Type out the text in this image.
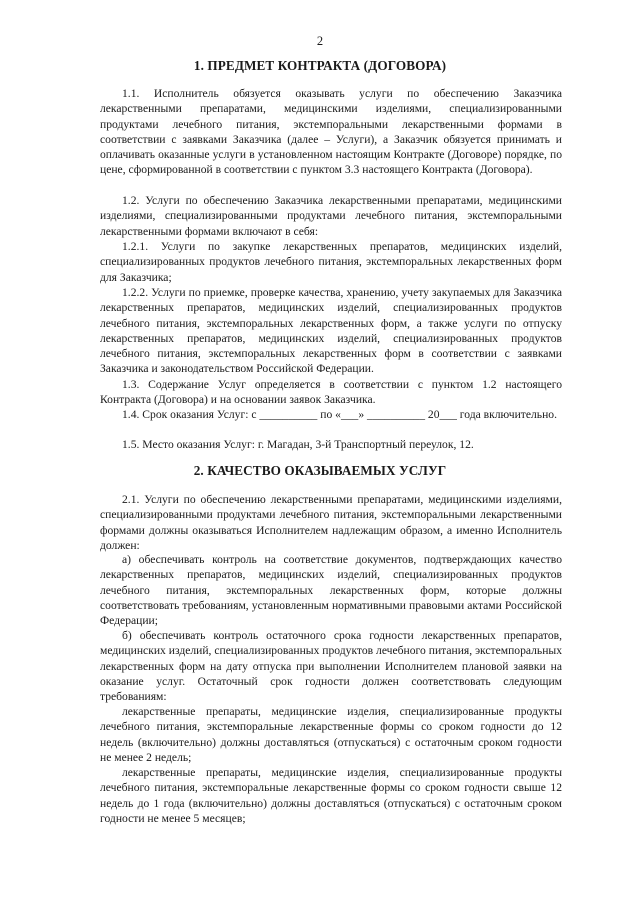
2
1. ПРЕДМЕТ КОНТРАКТА (ДОГОВОРА)

1.1. Исполнитель обязуется оказывать услуги по обеспечению Заказчика лекарственными препаратами, медицинскими изделиями, специализированными продуктами лечебного питания, экстемпоральными лекарственными формами в соответствии с заявками Заказчика (далее – Услуги), а Заказчик обязуется принимать и оплачивать оказанные услуги в установленном настоящим Контракте (Договоре) порядке, по цене, сформированной в соответствии с пунктом 3.3 настоящего Контракта (Договора).

1.2. Услуги по обеспечению Заказчика лекарственными препаратами, медицинскими изделиями, специализированными продуктами лечебного питания, экстемпоральными лекарственными формами включают в себя:

1.2.1. Услуги по закупке лекарственных препаратов, медицинских изделий, специализированных продуктов лечебного питания, экстемпоральных лекарственных форм для Заказчика;

1.2.2. Услуги по приемке, проверке качества, хранению, учету закупаемых для Заказчика лекарственных препаратов, медицинских изделий, специализированных продуктов лечебного питания, экстемпоральных лекарственных форм, а также услуги по отпуску лекарственных препаратов, медицинских изделий, специализированных продуктов лечебного питания, экстемпоральных лекарственных форм в соответствии с заявками Заказчика и законодательством Российской Федерации.

1.3. Содержание Услуг определяется в соответствии с пунктом 1.2 настоящего Контракта (Договора) и на основании заявок Заказчика.

1.4. Срок оказания Услуг: с __________ по «___» __________ 20___ года включительно.

1.5. Место оказания Услуг: г. Магадан, 3-й Транспортный переулок, 12.

2. КАЧЕСТВО ОКАЗЫВАЕМЫХ УСЛУГ

2.1. Услуги по обеспечению лекарственными препаратами, медицинскими изделиями, специализированными продуктами лечебного питания, экстемпоральными лекарственными формами должны оказываться Исполнителем надлежащим образом, а именно Исполнитель должен:

а) обеспечивать контроль на соответствие документов, подтверждающих качество лекарственных препаратов, медицинских изделий, специализированных продуктов лечебного питания, экстемпоральных лекарственных форм, которые должны соответствовать требованиям, установленным нормативными правовыми актами Российской Федерации;

б) обеспечивать контроль остаточного срока годности лекарственных препаратов, медицинских изделий, специализированных продуктов лечебного питания, экстемпоральных лекарственных форм на дату отпуска при выполнении Исполнителем плановой заявки на оказание услуг. Остаточный срок годности должен соответствовать следующим требованиям:

лекарственные препараты, медицинские изделия, специализированные продукты лечебного питания, экстемпоральные лекарственные формы со сроком годности до 12 недель (включительно) должны доставляться (отпускаться) с остаточным сроком годности не менее 2 недель;

лекарственные препараты, медицинские изделия, специализированные продукты лечебного питания, экстемпоральные лекарственные формы со сроком годности свыше 12 недель до 1 года (включительно) должны доставляться (отпускаться) с остаточным сроком годности не менее 5 месяцев;
